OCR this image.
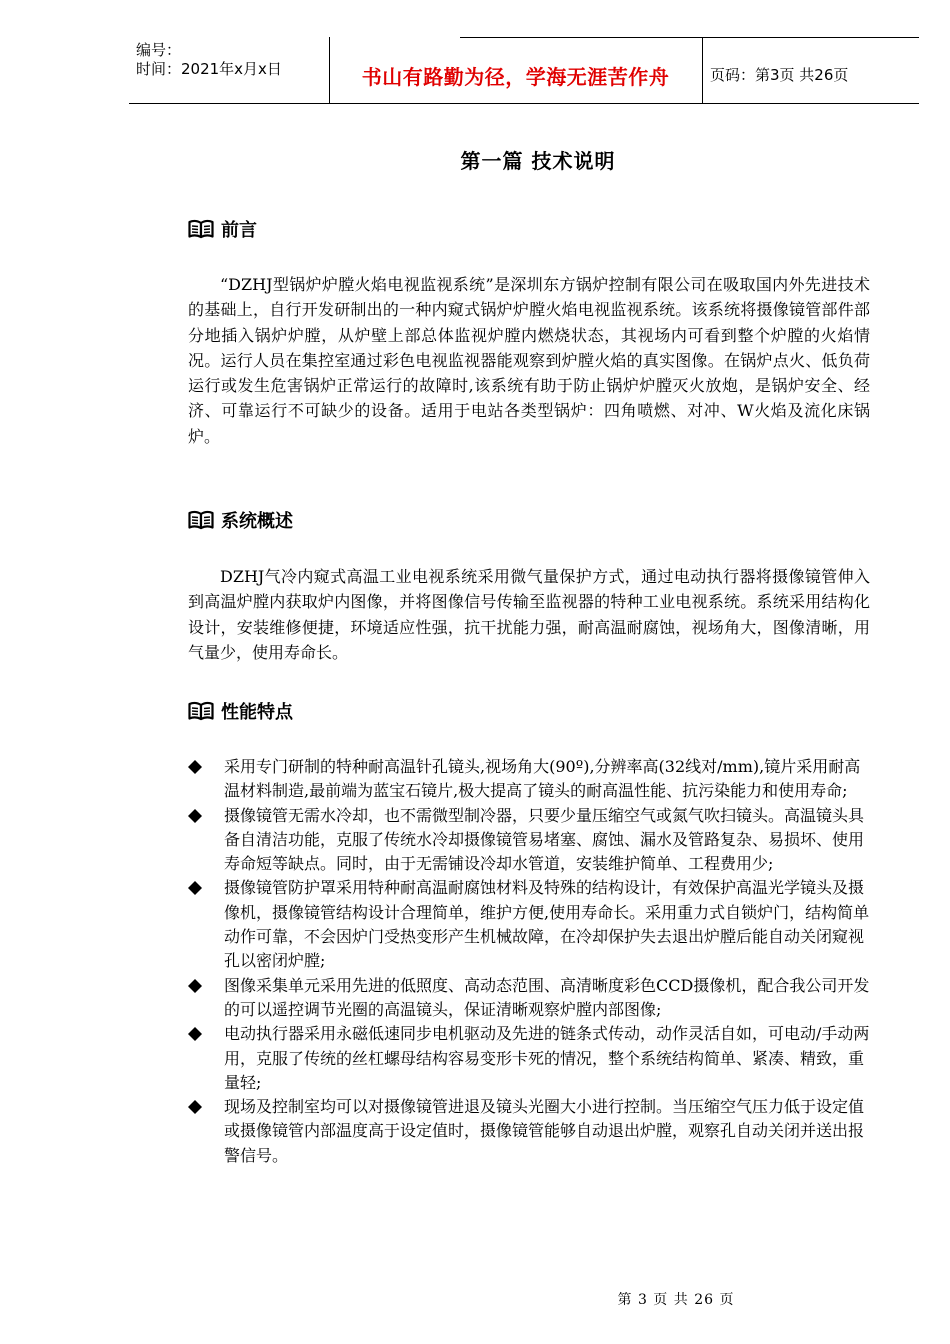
编号：
时间：2021年x月x日	书山有路勤为径，学海无涯苦作舟	页码：第3页 共26页
第一篇 技术说明
前言

“DZHJ型锅炉炉膛火焰电视监视系统”是深圳东方锅炉控制有限公司在吸取国内外先进技术的基础上，自行开发研制出的一种内窥式锅炉炉膛火焰电视监视系统。该系统将摄像镜管部件部分地插入锅炉炉膛，从炉壁上部总体监视炉膛内燃烧状态，其视场内可看到整个炉膛的火焰情况。运行人员在集控室通过彩色电视监视器能观察到炉膛火焰的真实图像。在锅炉点火、低负荷运行或发生危害锅炉正常运行的故障时,该系统有助于防止锅炉炉膛灭火放炮，是锅炉安全、经济、可靠运行不可缺少的设备。适用于电站各类型锅炉：四角喷燃、对冲、W火焰及流化床锅炉。

系统概述

DZHJ气冷内窥式高温工业电视系统采用微气量保护方式，通过电动执行器将摄像镜管伸入到高温炉膛内获取炉内图像，并将图像信号传输至监视器的特种工业电视系统。系统采用结构化设计，安装维修便捷，环境适应性强，抗干扰能力强，耐高温耐腐蚀，视场角大，图像清晰，用气量少，使用寿命长。

性能特点
采用专门研制的特种耐高温针孔镜头,视场角大(90º),分辨率高(32线对/mm),镜片采用耐高温材料制造,最前端为蓝宝石镜片,极大提高了镜头的耐高温性能、抗污染能力和使用寿命;
摄像镜管无需水冷却，也不需微型制冷器，只要少量压缩空气或氮气吹扫镜头。高温镜头具备自清洁功能，克服了传统水冷却摄像镜管易堵塞、腐蚀、漏水及管路复杂、易损坏、使用寿命短等缺点。同时，由于无需铺设冷却水管道，安装维护简单、工程费用少;
摄像镜管防护罩采用特种耐高温耐腐蚀材料及特殊的结构设计，有效保护高温光学镜头及摄像机，摄像镜管结构设计合理简单，维护方便,使用寿命长。采用重力式自锁炉门，结构简单动作可靠，不会因炉门受热变形产生机械故障，在冷却保护失去退出炉膛后能自动关闭窥视孔以密闭炉膛;
图像采集单元采用先进的低照度、高动态范围、高清晰度彩色CCD摄像机，配合我公司开发的可以遥控调节光圈的高温镜头，保证清晰观察炉膛内部图像;
电动执行器采用永磁低速同步电机驱动及先进的链条式传动，动作灵活自如，可电动/手动两用，克服了传统的丝杠螺母结构容易变形卡死的情况，整个系统结构简单、紧凑、精致，重量轻;
现场及控制室均可以对摄像镜管进退及镜头光圈大小进行控制。当压缩空气压力低于设定值或摄像镜管内部温度高于设定值时，摄像镜管能够自动退出炉膛，观察孔自动关闭并送出报警信号。
第 3 页 共 26 页
